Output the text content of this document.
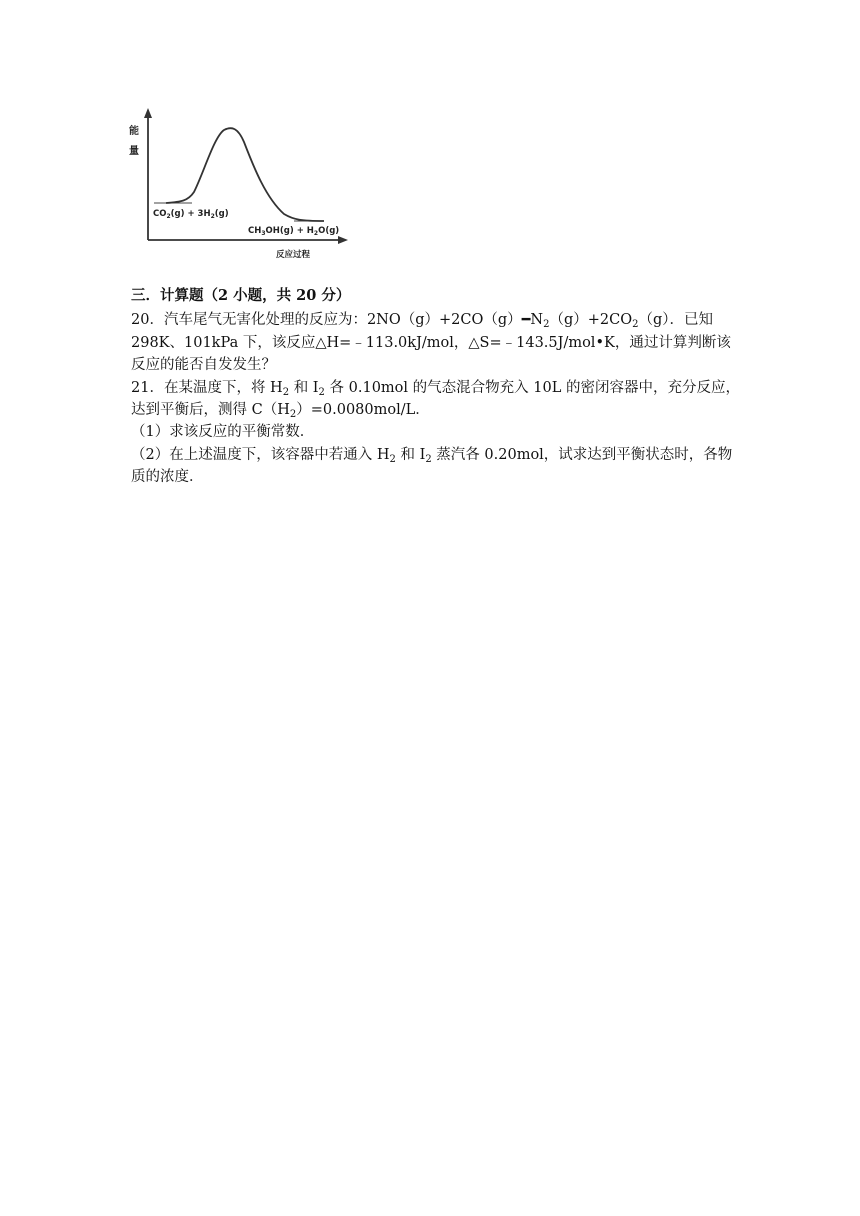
能
量
反应过程
$CO_2(g) + 3H_2(g)$
$CH_3OH(g) + H_2O(g)$

三．计算题（2 小题，共 20 分）

20．汽车尾气无害化处理的反应为：$2NO(g)+2CO(g)━N_2(g)+2CO_2(g)$．已知 298K、101kPa 下，该反应△H=﹣113.0kJ/mol，△S=﹣143.5J/mol•K，通过计算判断该反应的能否自发发生？

21．在某温度下，将 $H_2$ 和 $I_2$ 各 0.10mol 的气态混合物充入 10L 的密闭容器中，充分反应，达到平衡后，测得 $C(H_2)=0.0080mol/L$．

（1）求该反应的平衡常数．

（2）在上述温度下，该容器中若通入 $H_2$ 和 $I_2$ 蒸汽各 0.20mol，试求达到平衡状态时，各物质的浓度．
